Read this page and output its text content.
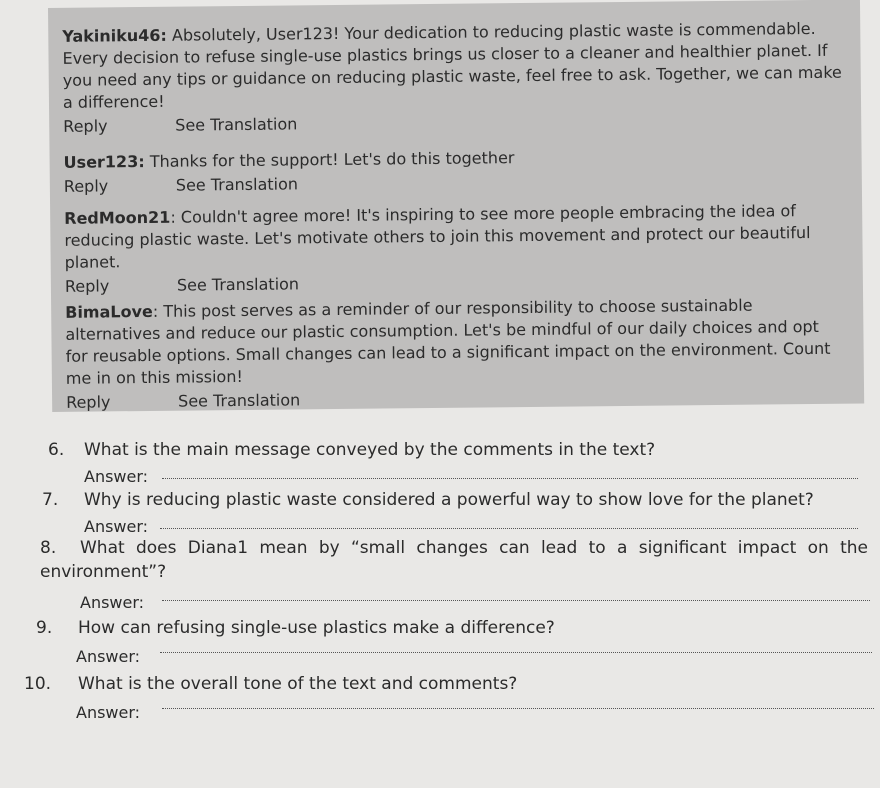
Yakiniku46: Absolutely, User123! Your dedication to reducing plastic waste is commendable. Every decision to refuse single-use plastics brings us closer to a cleaner and healthier planet. If you need any tips or guidance on reducing plastic waste, feel free to ask. Together, we can make a difference!

Reply	See Translation

User123: Thanks for the support! Let's do this together

Reply	See Translation

RedMoon21: Couldn't agree more! It's inspiring to see more people embracing the idea of reducing plastic waste. Let's motivate others to join this movement and protect our beautiful planet.

Reply	See Translation

BimaLove: This post serves as a reminder of our responsibility to choose sustainable alternatives and reduce our plastic consumption. Let's be mindful of our daily choices and opt for reusable options. Small changes can lead to a significant impact on the environment. Count me in on this mission!

Reply	See Translation
6. What is the main message conveyed by the comments in the text?
Answer:
7. Why is reducing plastic waste considered a powerful way to show love for the planet?
Answer:
8. What does Diana1 mean by “small changes can lead to a significant impact on the environment”?
Answer:
9. How can refusing single-use plastics make a difference?
Answer:
10. What is the overall tone of the text and comments?
Answer:
